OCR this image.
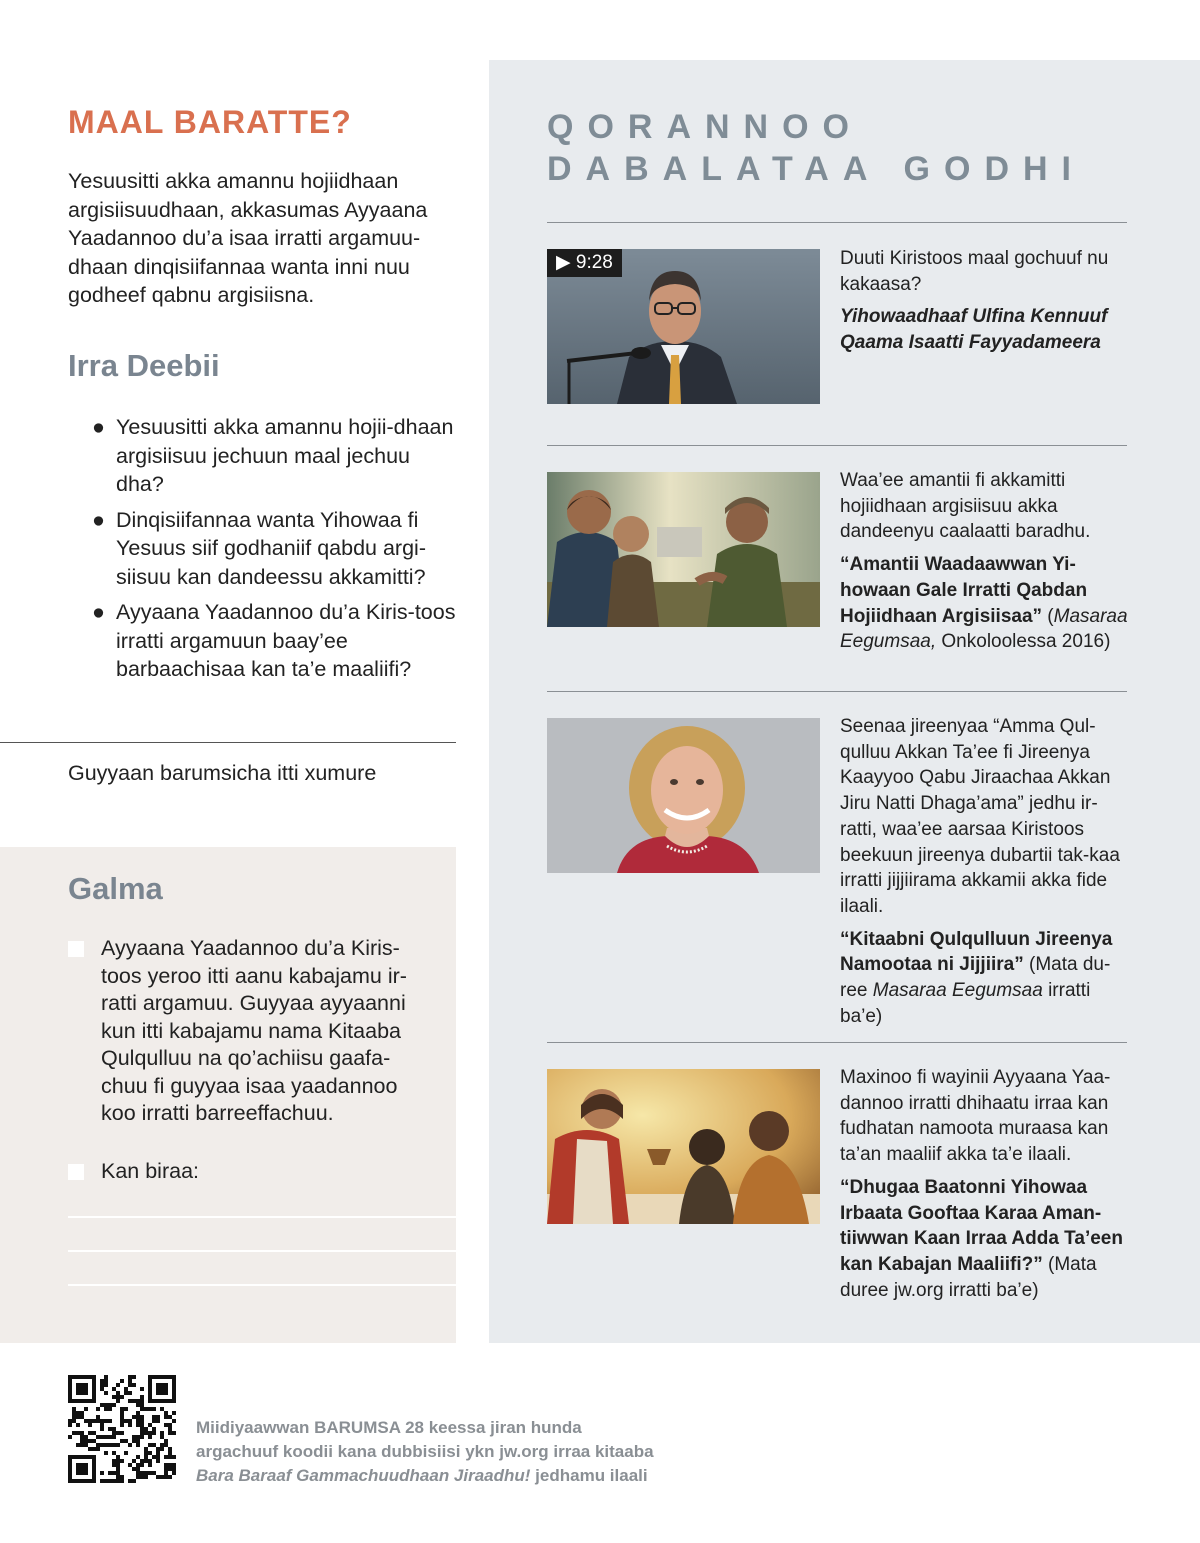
QORANNOO
DABALATAA GODHI
▶ 9:28	Duuti Kiristoos maal gochuuf nu kakaasa?

Yihowaadhaaf Ulfina Kennuuf Qaama Isaatti Fayyadameera

Waa’ee amantii fi akkamitti hojiidhaan argisiisuu akka dandeenyu caalaatti baradhu.

“Amantii Waadaawwan Yi-howaan Gale Irratti Qabdan Hojiidhaan Argisiisaa” (Masaraa Eegumsaa, Onkoloolessa 2016)

Seenaa jireenyaa “Amma Qul-qulluu Akkan Ta’ee fi Jireenya Kaayyoo Qabu Jiraachaa Akkan Jiru Natti Dhaga’ama” jedhu ir-ratti, waa’ee aarsaa Kiristoos beekuun jireenya dubartii tak-kaa irratti jijjiirama akkamii akka fide ilaali.

“Kitaabni Qulqulluun Jireenya Namootaa ni Jijjiira” (Mata du-ree Masaraa Eegumsaa irratti ba’e)

Maxinoo fi wayinii Ayyaana Yaa-dannoo irratti dhihaatu irraa kan fudhatan namoota muraasa kan ta’an maaliif akka ta’e ilaali.

“Dhugaa Baatonni Yihowaa Irbaata Gooftaa Karaa Aman-tiiwwan Kaan Irraa Adda Ta’een kan Kabajan Maaliifi?” (Mata duree jw.org irratti ba’e)

MAAL BARATTE?
Yesuusitti akka amannu hojiidhaan argisiisuudhaan, akkasumas Ayyaana Yaadannoo du’a isaa irratti argamuu-dhaan dinqisiifannaa wanta inni nuu godheef qabnu argisiisna.
Irra Deebii
● Yesuusitti akka amannu hojii-dhaan argisiisuu jechuun maal jechuu dha?
● Dinqisiifannaa wanta Yihowaa fi Yesuus siif godhaniif qabdu argi-siisuu kan dandeessu akkamitti?
● Ayyaana Yaadannoo du’a Kiris-toos irratti argamuun baay’ee barbaachisaa kan ta’e maaliifi?
Guyyaan barumsicha itti xumure
Galma
Ayyaana Yaadannoo du’a Kiris-toos yeroo itti aanu kabajamu ir-ratti argamuu. Guyyaa ayyaanni kun itti kabajamu nama Kitaaba Qulqulluu na qo’achiisu gaafa-chuu fi guyyaa isaa yaadannoo koo irratti barreeffachuu.
Kan biraa:
Miidiyaawwan BARUMSA 28 keessa jiran hunda
argachuuf koodii kana dubbisiisi ykn jw.org irraa kitaaba
Bara Baraaf Gammachuudhaan Jiraadhu! jedhamu ilaali
